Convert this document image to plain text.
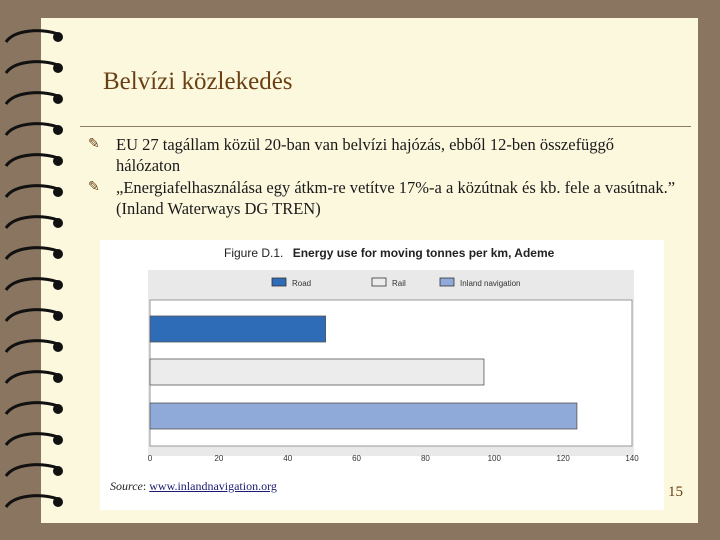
Belvízi közlekedés
✎ EU 27 tagállam közül 20-ban van belvízi hajózás, ebből 12-ben összefüggő hálózaton
✎ „Energiafelhasználása egy átkm-re vetítve 17%-a a közútnak és kb. fele a vasútnak.” (Inland Waterways DG TREN)
Figure D.1. Energy use for moving tonnes per km, Ademe
Road	Rail	Inland navigation
0	20	40	60	80	100	120	140
Source: www.inlandnavigation.org	15
